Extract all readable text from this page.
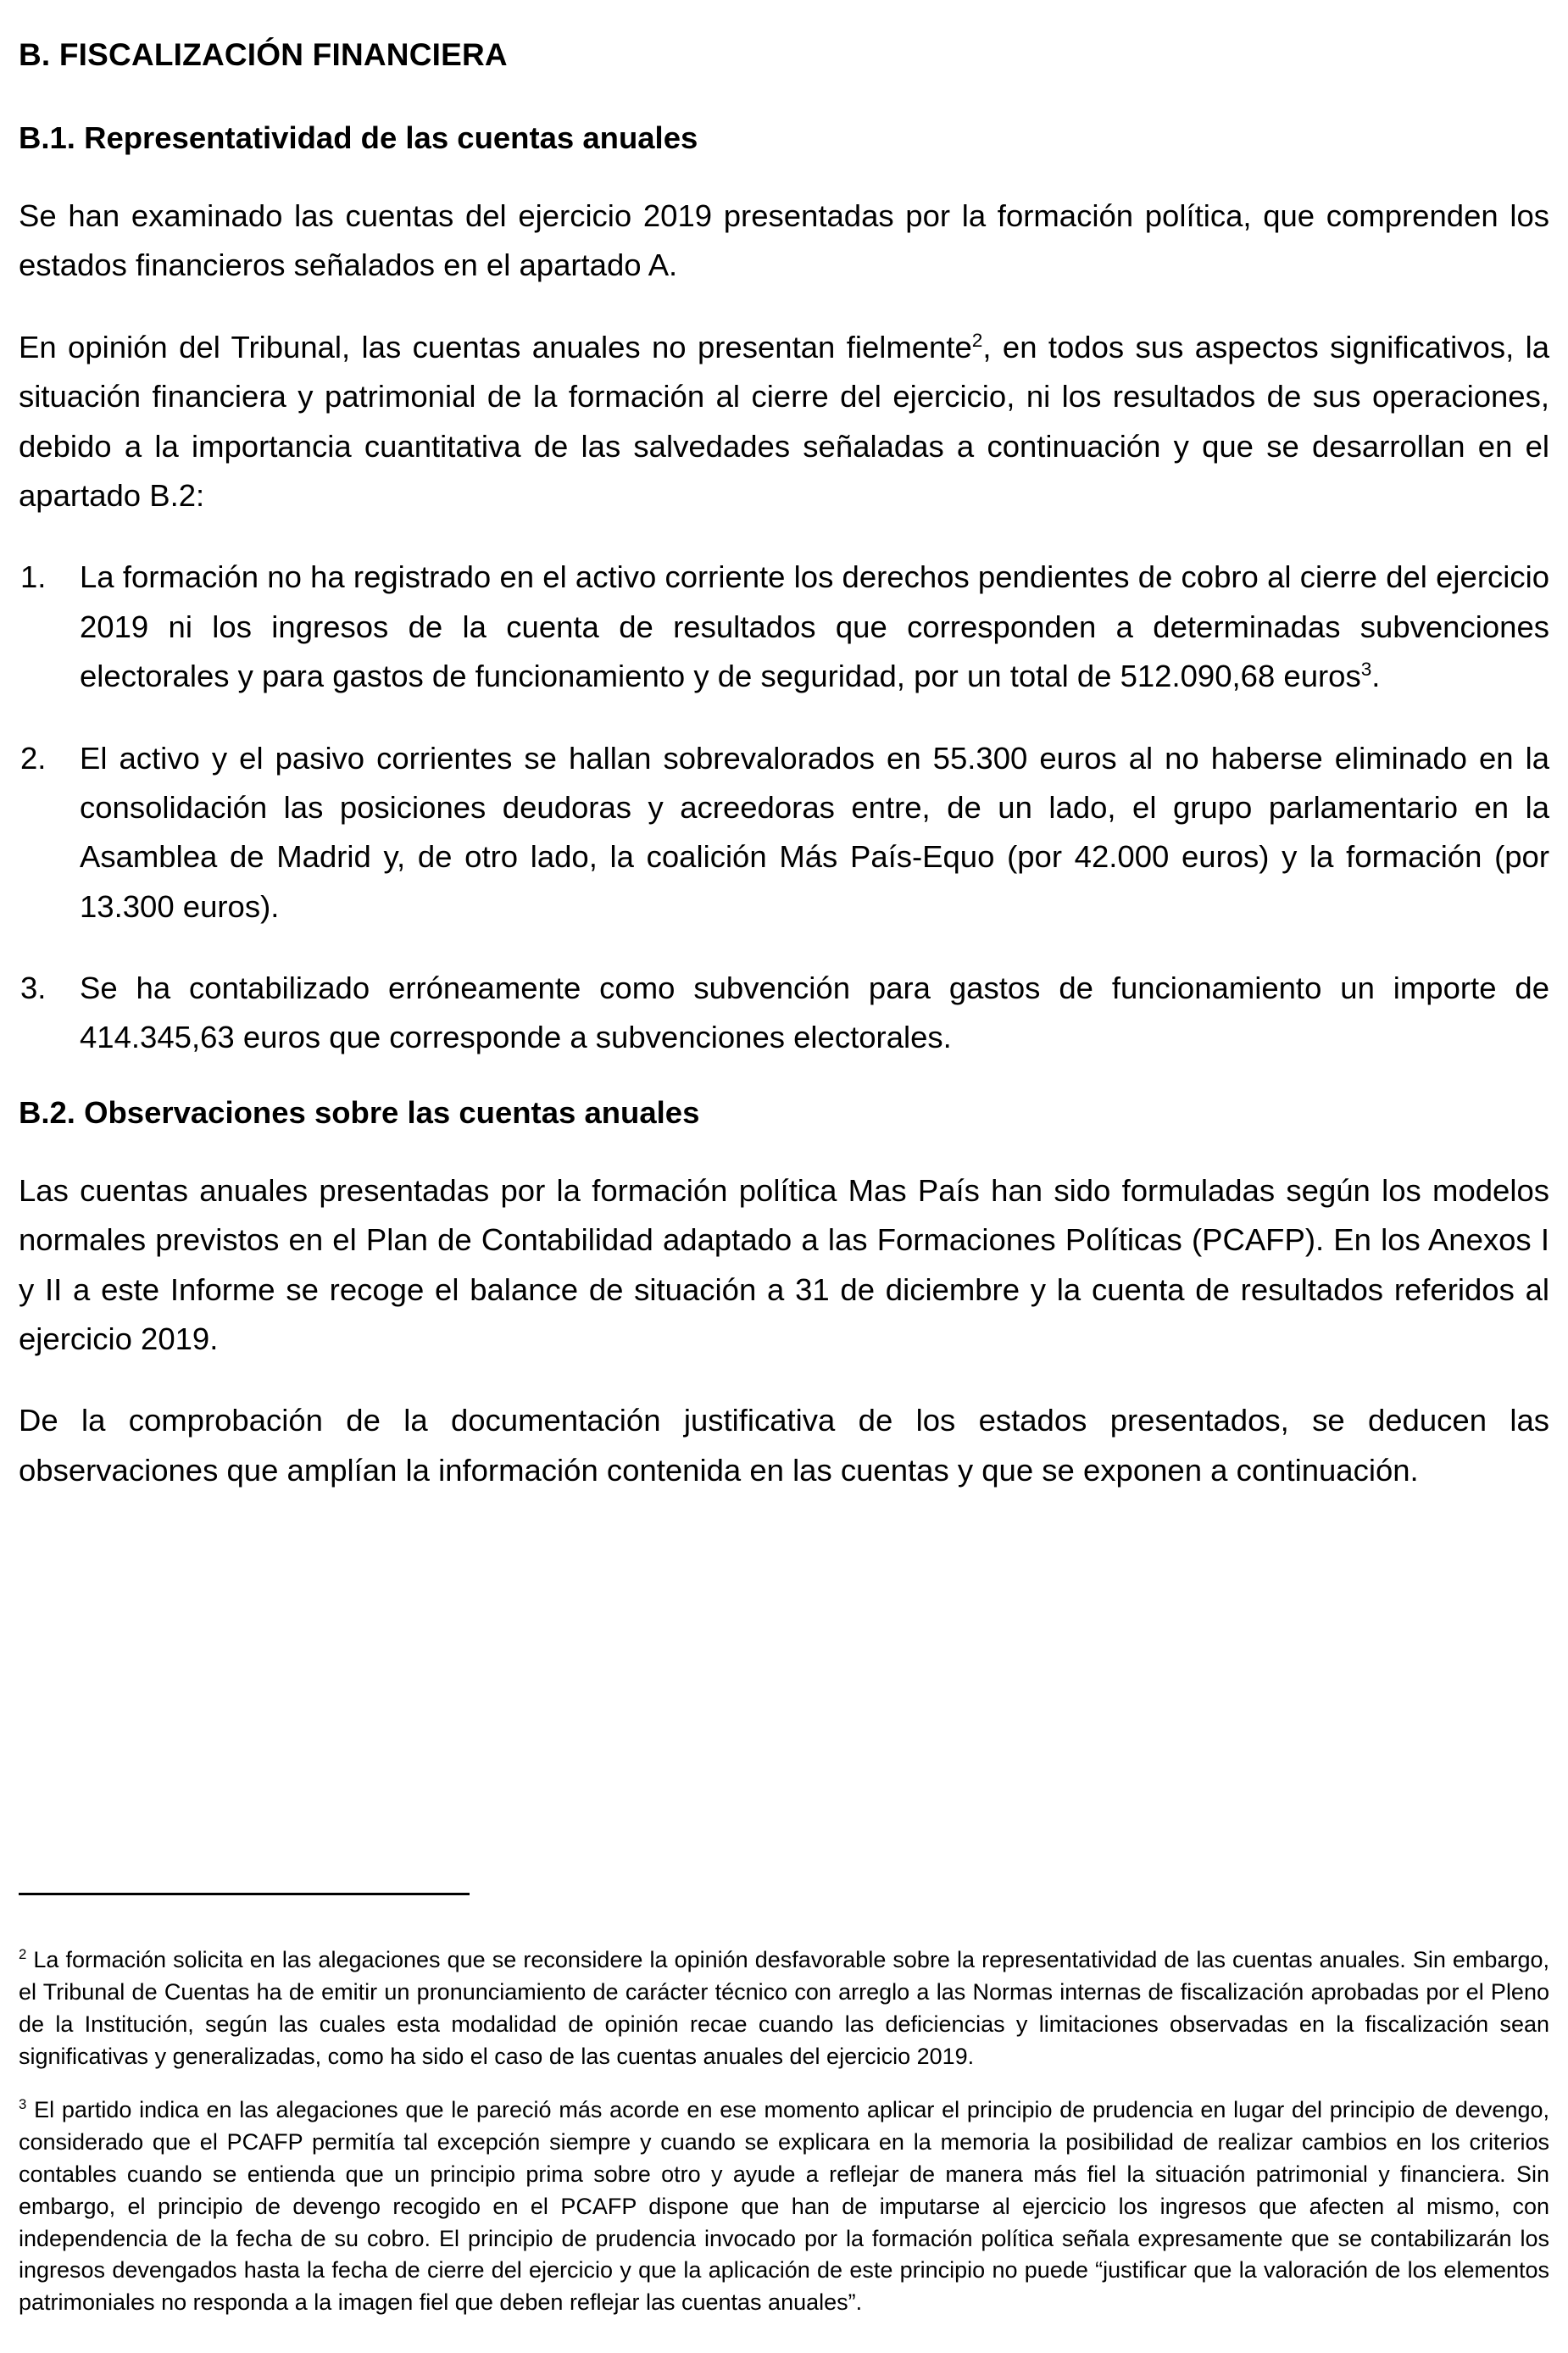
B. FISCALIZACIÓN FINANCIERA
B.1. Representatividad de las cuentas anuales

Se han examinado las cuentas del ejercicio 2019 presentadas por la formación política, que comprenden los estados financieros señalados en el apartado A.

En opinión del Tribunal, las cuentas anuales no presentan fielmente$^2$, en todos sus aspectos significativos, la situación financiera y patrimonial de la formación al cierre del ejercicio, ni los resultados de sus operaciones, debido a la importancia cuantitativa de las salvedades señaladas a continuación y que se desarrollan en el apartado B.2:

1. La formación no ha registrado en el activo corriente los derechos pendientes de cobro al cierre del ejercicio 2019 ni los ingresos de la cuenta de resultados que corresponden a determinadas subvenciones electorales y para gastos de funcionamiento y de seguridad, por un total de 512.090,68 euros$^3$.
2. El activo y el pasivo corrientes se hallan sobrevalorados en 55.300 euros al no haberse eliminado en la consolidación las posiciones deudoras y acreedoras entre, de un lado, el grupo parlamentario en la Asamblea de Madrid y, de otro lado, la coalición Más País-Equo (por 42.000 euros) y la formación (por 13.300 euros).
3. Se ha contabilizado erróneamente como subvención para gastos de funcionamiento un importe de 414.345,63 euros que corresponde a subvenciones electorales.
B.2. Observaciones sobre las cuentas anuales

Las cuentas anuales presentadas por la formación política Mas País han sido formuladas según los modelos normales previstos en el Plan de Contabilidad adaptado a las Formaciones Políticas (PCAFP). En los Anexos I y II a este Informe se recoge el balance de situación a 31 de diciembre y la cuenta de resultados referidos al ejercicio 2019.

De la comprobación de la documentación justificativa de los estados presentados, se deducen las observaciones que amplían la información contenida en las cuentas y que se exponen a continuación.

$^2$ La formación solicita en las alegaciones que se reconsidere la opinión desfavorable sobre la representatividad de las cuentas anuales. Sin embargo, el Tribunal de Cuentas ha de emitir un pronunciamiento de carácter técnico con arreglo a las Normas internas de fiscalización aprobadas por el Pleno de la Institución, según las cuales esta modalidad de opinión recae cuando las deficiencias y limitaciones observadas en la fiscalización sean significativas y generalizadas, como ha sido el caso de las cuentas anuales del ejercicio 2019.

$^3$ El partido indica en las alegaciones que le pareció más acorde en ese momento aplicar el principio de prudencia en lugar del principio de devengo, considerado que el PCAFP permitía tal excepción siempre y cuando se explicara en la memoria la posibilidad de realizar cambios en los criterios contables cuando se entienda que un principio prima sobre otro y ayude a reflejar de manera más fiel la situación patrimonial y financiera. Sin embargo, el principio de devengo recogido en el PCAFP dispone que han de imputarse al ejercicio los ingresos que afecten al mismo, con independencia de la fecha de su cobro. El principio de prudencia invocado por la formación política señala expresamente que se contabilizarán los ingresos devengados hasta la fecha de cierre del ejercicio y que la aplicación de este principio no puede “justificar que la valoración de los elementos patrimoniales no responda a la imagen fiel que deben reflejar las cuentas anuales”.
